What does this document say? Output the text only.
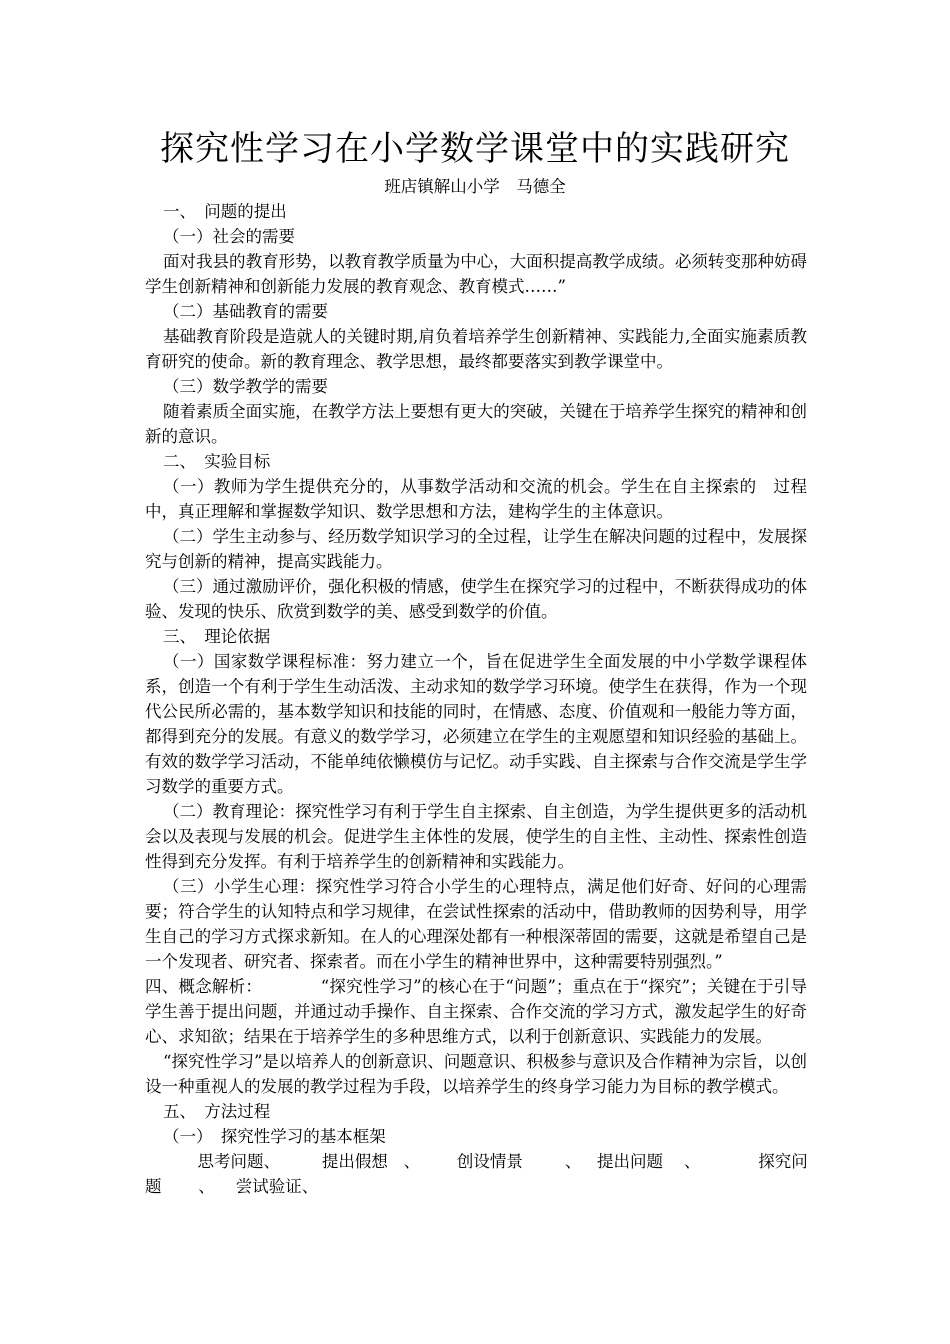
探究性学习在小学数学课堂中的实践研究
班店镇解山小学　马德全

一、　问题的提出

（一）社会的需要

面对我县的教育形势，以教育教学质量为中心，大面积提高教学成绩。必须转变那种妨碍学生创新精神和创新能力发展的教育观念、教育模式……”

（二）基础教育的需要

基础教育阶段是造就人的关键时期,肩负着培养学生创新精神、实践能力,全面实施素质教育研究的使命。新的教育理念、教学思想，最终都要落实到教学课堂中。

（三）数学教学的需要

随着素质全面实施，在教学方法上要想有更大的突破，关键在于培养学生探究的精神和创新的意识。

二、　实验目标

（一）教师为学生提供充分的，从事数学活动和交流的机会。学生在自主探索的　过程中，真正理解和掌握数学知识、数学思想和方法，建构学生的主体意识。

（二）学生主动参与、经历数学知识学习的全过程，让学生在解决问题的过程中，发展探究与创新的精神，提高实践能力。

（三）通过激励评价，强化积极的情感，使学生在探究学习的过程中，不断获得成功的体验、发现的快乐、欣赏到数学的美、感受到数学的价值。

三、　理论依据

（一）国家数学课程标准：努力建立一个，旨在促进学生全面发展的中小学数学课程体系，创造一个有利于学生生动活泼、主动求知的数学学习环境。使学生在获得，作为一个现代公民所必需的，基本数学知识和技能的同时，在情感、态度、价值观和一般能力等方面，都得到充分的发展。有意义的数学学习，必须建立在学生的主观愿望和知识经验的基础上。有效的数学学习活动，不能单纯依懒模仿与记忆。动手实践、自主探索与合作交流是学生学习数学的重要方式。

（二）教育理论：探究性学习有利于学生自主探索、自主创造，为学生提供更多的活动机会以及表现与发展的机会。促进学生主体性的发展，使学生的自主性、主动性、探索性创造性得到充分发挥。有利于培养学生的创新精神和实践能力。

（三）小学生心理：探究性学习符合小学生的心理特点，满足他们好奇、好问的心理需要；符合学生的认知特点和学习规律，在尝试性探索的活动中，借助教师的因势利导，用学生自己的学习方式探求新知。在人的心理深处都有一种根深蒂固的需要，这就是希望自己是一个发现者、研究者、探索者。而在小学生的精神世界中，这种需要特别强烈。”

四、概念解析：　　　　“探究性学习”的核心在于“问题”；重点在于“探究”；关键在于引导学生善于提出问题，并通过动手操作、自主探索、合作交流的学习方式，激发起学生的好奇心、求知欲；结果在于培养学生的多种思维方式，以利于创新意识、实践能力的发展。

“探究性学习”是以培养人的创新意识、问题意识、积极参与意识及合作精神为宗旨，以创设一种重视人的发展的教学过程为手段，以培养学生的终身学习能力为目标的教学模式。

五、　方法过程

（一）　探究性学习的基本框架

思考问题、        提出假想   、       创设情景        、   提出问题    、           探究问
题       、    尝试验证、
